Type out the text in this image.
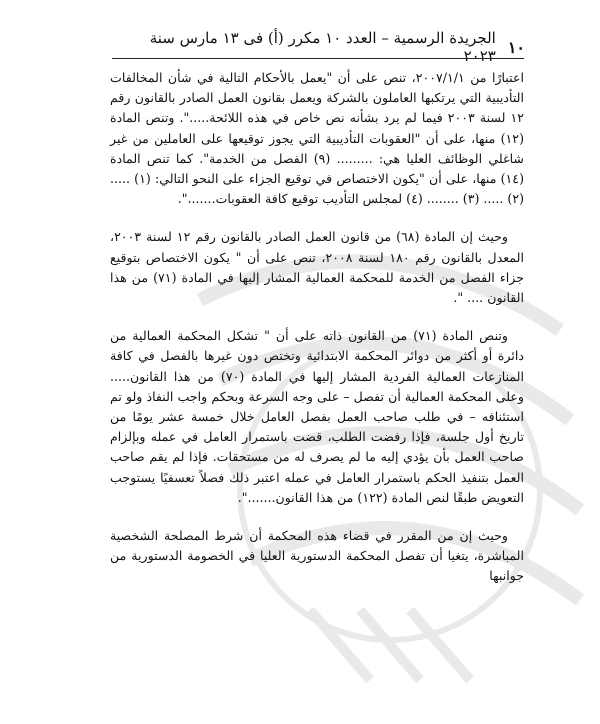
١٠
الجريدة الرسمية – العدد ١٠ مكرر (أ) فى ١٣ مارس سنة ٢٠٢٣

اعتبارًا من ٢٠٠٧/١/١، تنص على أن "يعمل بالأحكام التالية في شأن المخالفات التأديبية التي يرتكبها العاملون بالشركة ويعمل بقانون العمل الصادر بالقانون رقم ١٢ لسنة ٢٠٠٣ فيما لم يرد بشأنه نص خاص في هذه اللائحة.....". وتنص المادة (١٢) منها، على أن "العقوبات التأديبية التي يجوز توقيعها على العاملين من غير شاغلي الوظائف العليا هي: ......... (٩) الفصل من الخدمة". كما تنص المادة (١٤) منها، على أن "يكون الاختصاص في توقيع الجزاء على النحو التالي: (١) ..... (٢) ..... (٣) ........ (٤) لمجلس التأديب توقيع كافة العقوبات.......".

وحيث إن المادة (٦٨) من قانون العمل الصادر بالقانون رقم ١٢ لسنة ٢٠٠٣، المعدل بالقانون رقم ١٨٠ لسنة ٢٠٠٨، تنص على أن " يكون الاختصاص بتوقيع جزاء الفصل من الخدمة للمحكمة العمالية المشار إليها في المادة (٧١) من هذا القانون .... ".

وتنص المادة (٧١) من القانون ذاته على أن " تشكل المحكمة العمالية من دائرة أو أكثر من دوائر المحكمة الابتدائية وتختص دون غيرها بالفصل في كافة المنازعات العمالية الفردية المشار إليها في المادة (٧٠) من هذا القانون..... وعلى المحكمة العمالية أن تفصل – على وجه السرعة وبحكم واجب النفاذ ولو تم استئنافه – في طلب صاحب العمل بفصل العامل خلال خمسة عشر يومًا من تاريخ أول جلسة، فإذا رفضت الطلب، قضت باستمرار العامل في عمله وبإلزام صاحب العمل بأن يؤدي إليه ما لم يصرف له من مستحقات. فإذا لم يقم صاحب العمل بتنفيذ الحكم باستمرار العامل في عمله اعتبر ذلك فصلاً تعسفيًا يستوجب التعويض طبقًا لنص المادة (١٢٢) من هذا القانون.......".

وحيث إن من المقرر في قضاء هذه المحكمة أن شرط المصلحة الشخصية المباشرة، يتغيا أن تفصل المحكمة الدستورية العليا في الخصومة الدستورية من جوانبها
